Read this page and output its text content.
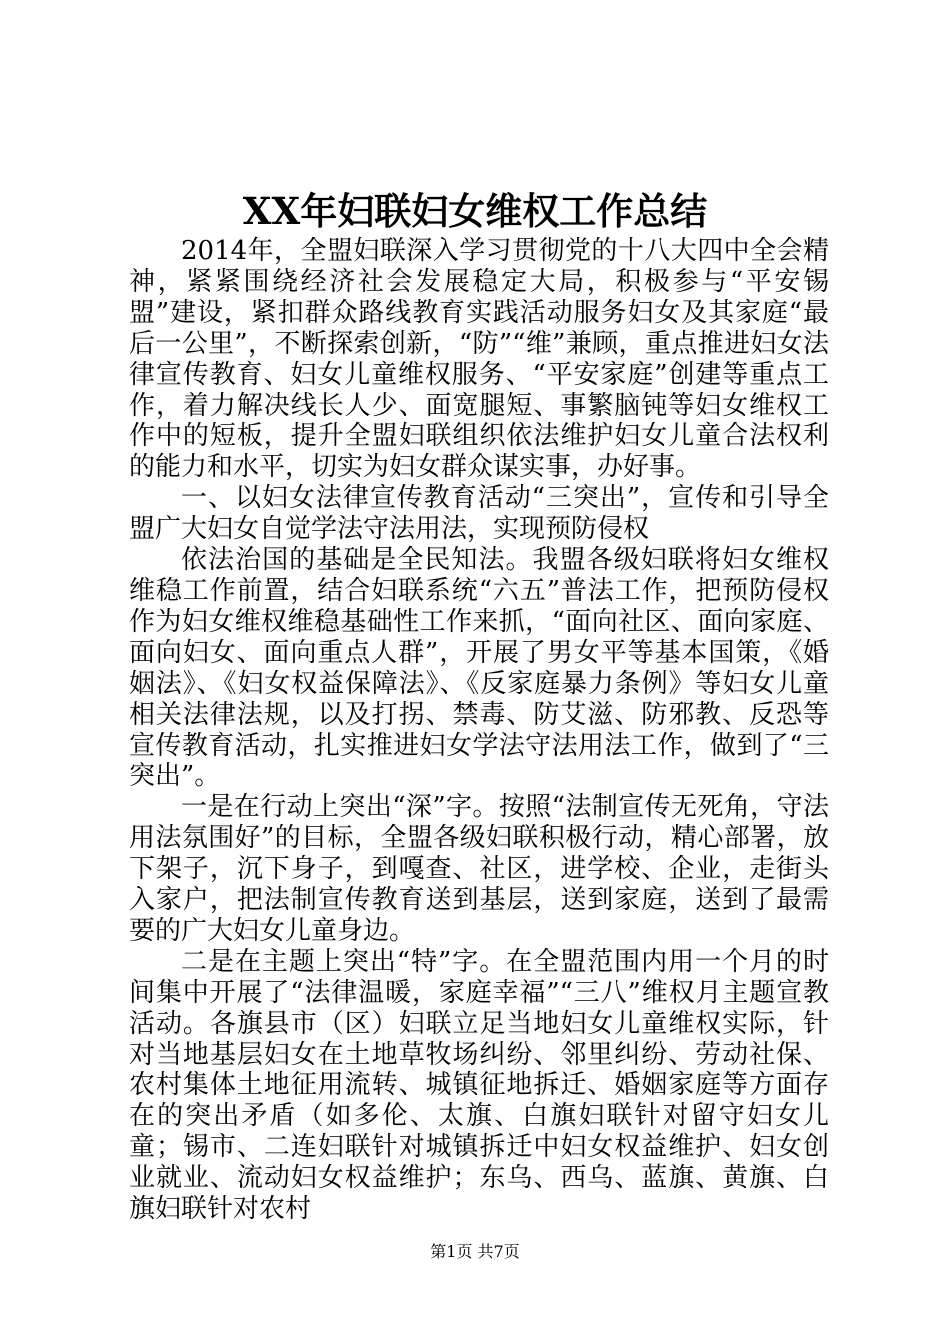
XX年妇联妇女维权工作总结

2014年，全盟妇联深入学习贯彻党的十八大四中全会精神，紧紧围绕经济社会发展稳定大局，积极参与“平安锡盟”建设，紧扣群众路线教育实践活动服务妇女及其家庭“最后一公里”，不断探索创新，“防”“维”兼顾，重点推进妇女法律宣传教育、妇女儿童维权服务、“平安家庭”创建等重点工作，着力解决线长人少、面宽腿短、事繁脑钝等妇女维权工作中的短板，提升全盟妇联组织依法维护妇女儿童合法权利的能力和水平，切实为妇女群众谋实事，办好事。

一、以妇女法律宣传教育活动“三突出”，宣传和引导全盟广大妇女自觉学法守法用法，实现预防侵权

依法治国的基础是全民知法。我盟各级妇联将妇女维权维稳工作前置，结合妇联系统“六五”普法工作，把预防侵权作为妇女维权维稳基础性工作来抓，“面向社区、面向家庭、面向妇女、面向重点人群”，开展了男女平等基本国策，《婚姻法》、《妇女权益保障法》、《反家庭暴力条例》等妇女儿童相关法律法规，以及打拐、禁毒、防艾滋、防邪教、反恐等宣传教育活动，扎实推进妇女学法守法用法工作，做到了“三突出”。

一是在行动上突出“深”字。按照“法制宣传无死角，守法用法氛围好”的目标，全盟各级妇联积极行动，精心部署，放下架子，沉下身子，到嘎查、社区，进学校、企业，走街头入家户，把法制宣传教育送到基层，送到家庭，送到了最需要的广大妇女儿童身边。

二是在主题上突出“特”字。在全盟范围内用一个月的时间集中开展了“法律温暖，家庭幸福”“三八”维权月主题宣教活动。各旗县市（区）妇联立足当地妇女儿童维权实际，针对当地基层妇女在土地草牧场纠纷、邻里纠纷、劳动社保、农村集体土地征用流转、城镇征地拆迁、婚姻家庭等方面存在的突出矛盾（如多伦、太旗、白旗妇联针对留守妇女儿童；锡市、二连妇联针对城镇拆迁中妇女权益维护、妇女创业就业、流动妇女权益维护；东乌、西乌、蓝旗、黄旗、白旗妇联针对农村

第1页 共7页
